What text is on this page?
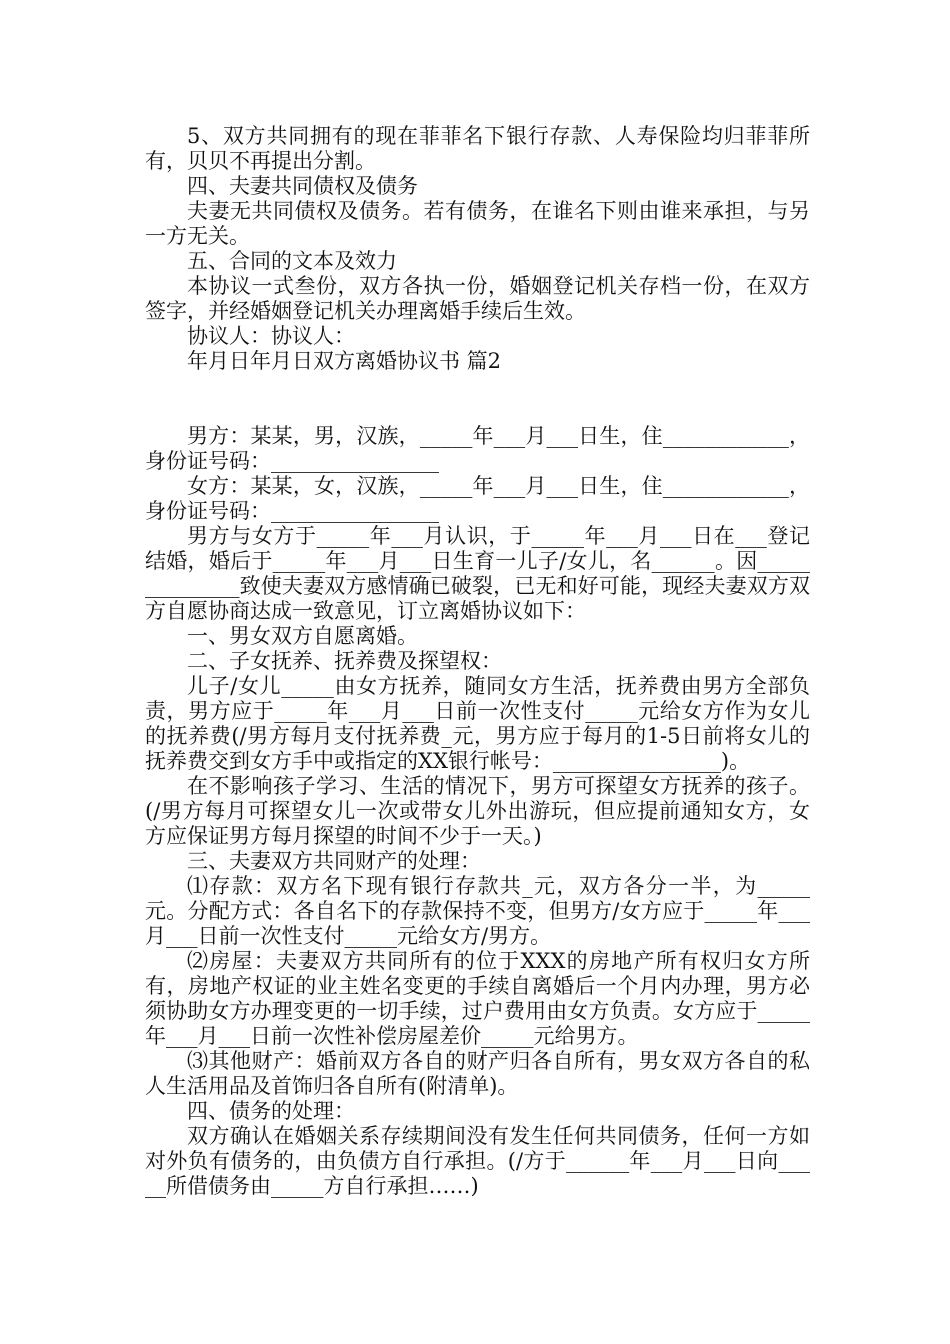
5、双方共同拥有的现在菲菲名下银行存款、人寿保险均归菲菲所有，贝贝不再提出分割。

四、夫妻共同债权及债务

夫妻无共同债权及债务。若有债务，在谁名下则由谁来承担，与另一方无关。

五、合同的文本及效力

本协议一式叁份，双方各执一份，婚姻登记机关存档一份，在双方签字，并经婚姻登记机关办理离婚手续后生效。

协议人：协议人：

年月日年月日双方离婚协议书 篇2

男方：某某，男，汉族，_____年___月___日生，住____________，身份证号码：________________

女方：某某，女，汉族，_____年___月___日生，住____________，身份证号码：________________

男方与女方于_____年___月认识，于_____年___月___日在___登记结婚，婚后于_____年___月___日生育一儿子/女儿，名______。因______________致使夫妻双方感情确已破裂，已无和好可能，现经夫妻双方双方自愿协商达成一致意见，订立离婚协议如下：

一、男女双方自愿离婚。

二、子女抚养、抚养费及探望权：

儿子/女儿_____由女方抚养，随同女方生活，抚养费由男方全部负责，男方应于_____年___月___日前一次性支付_____元给女方作为女儿的抚养费(/男方每月支付抚养费_元，男方应于每月的1-5日前将女儿的抚养费交到女方手中或指定的XX银行帐号：________________)。

在不影响孩子学习、生活的情况下，男方可探望女方抚养的孩子。(/男方每月可探望女儿一次或带女儿外出游玩，但应提前通知女方，女方应保证男方每月探望的时间不少于一天。)

三、夫妻双方共同财产的处理：

⑴存款：双方名下现有银行存款共_元，双方各分一半，为_____元。分配方式：各自名下的存款保持不变，但男方/女方应于_____年___月___日前一次性支付_____元给女方/男方。

⑵房屋：夫妻双方共同所有的位于XXX的房地产所有权归女方所有，房地产权证的业主姓名变更的手续自离婚后一个月内办理，男方必须协助女方办理变更的一切手续，过户费用由女方负责。女方应于_____年___月___日前一次性补偿房屋差价_____元给男方。

⑶其他财产：婚前双方各自的财产归各自所有，男女双方各自的私人生活用品及首饰归各自所有(附清单)。

四、债务的处理：

双方确认在婚姻关系存续期间没有发生任何共同债务，任何一方如对外负有债务的，由负债方自行承担。(/方于______年___月___日向_____所借债务由_____方自行承担……)
